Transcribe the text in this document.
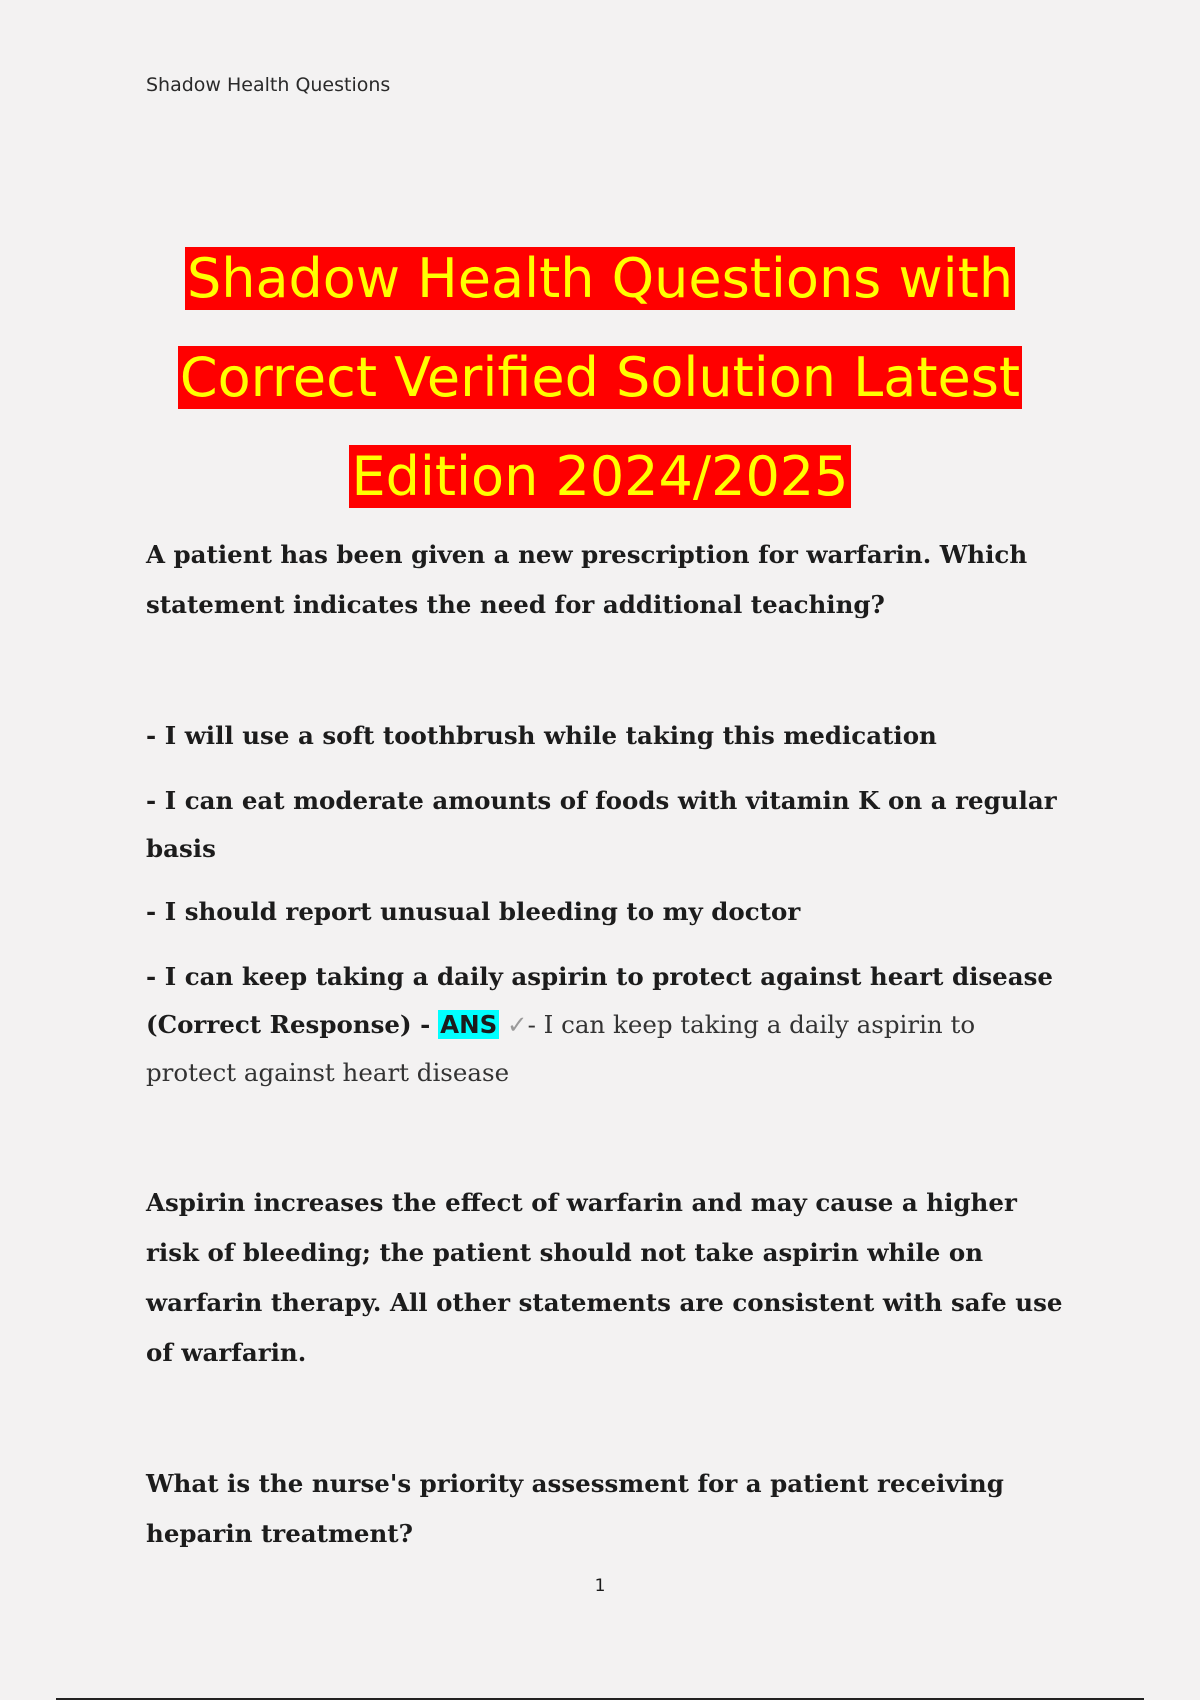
Shadow Health Questions
Shadow Health Questions with
Correct Verified Solution Latest
Edition 2024/2025

A patient has been given a new prescription for warfarin. Which statement indicates the need for additional teaching?

- I will use a soft toothbrush while taking this medication

- I can eat moderate amounts of foods with vitamin K on a regular basis

- I should report unusual bleeding to my doctor

- I can keep taking a daily aspirin to protect against heart disease (Correct Response) - ANS ✓- I can keep taking a daily aspirin to protect against heart disease

Aspirin increases the effect of warfarin and may cause a higher risk of bleeding; the patient should not take aspirin while on warfarin therapy. All other statements are consistent with safe use of warfarin.

What is the nurse's priority assessment for a patient receiving heparin treatment?

1
